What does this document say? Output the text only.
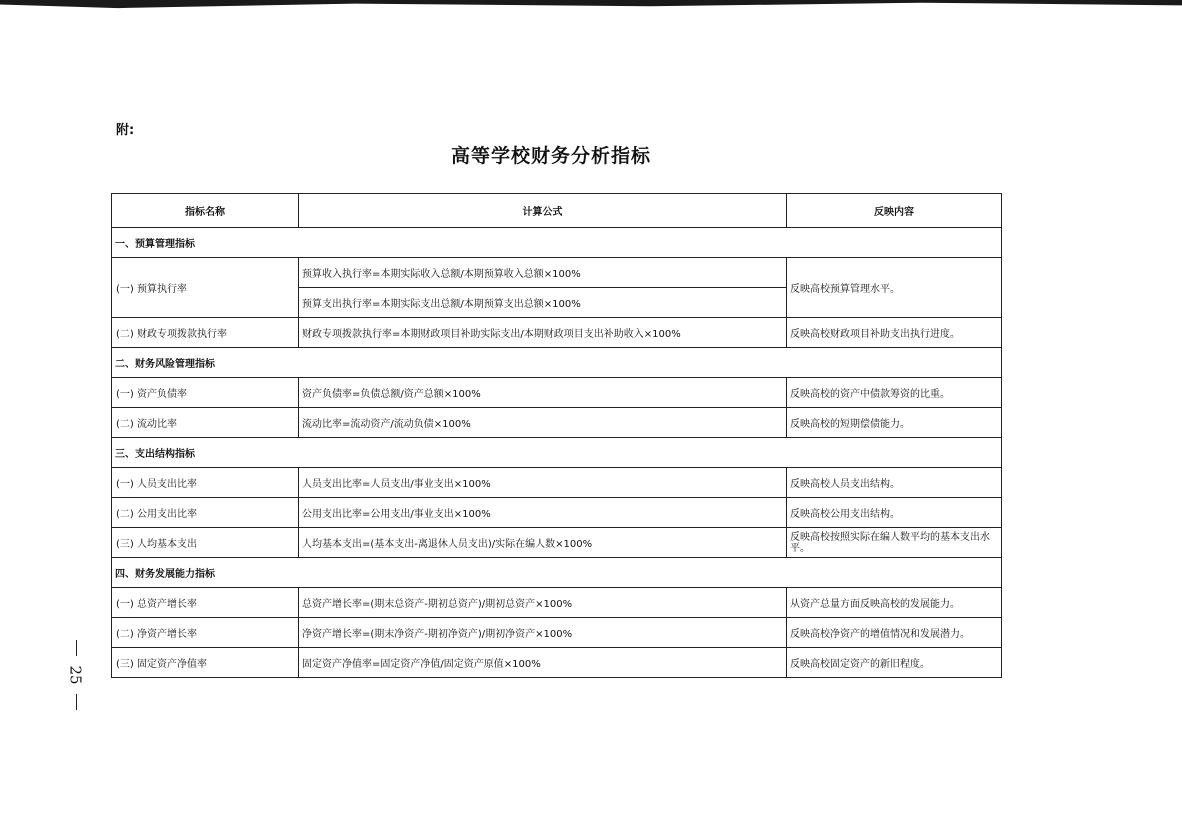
附:
高等学校财务分析指标
指标名称	计算公式	反映内容
一、预算管理指标		
(一) 预算执行率	预算收入执行率=本期实际收入总额/本期预算收入总额×100%	反映高校预算管理水平。
	预算支出执行率=本期实际支出总额/本期预算支出总额×100%	
(二) 财政专项拨款执行率	财政专项拨款执行率=本期财政项目补助实际支出/本期财政项目支出补助收入×100%	反映高校财政项目补助支出执行进度。
二、财务风险管理指标		
(一) 资产负债率	资产负债率=负债总额/资产总额×100%	反映高校的资产中债款筹资的比重。
(二) 流动比率	流动比率=流动资产/流动负债×100%	反映高校的短期偿债能力。
三、支出结构指标		
(一) 人员支出比率	人员支出比率=人员支出/事业支出×100%	反映高校人员支出结构。
(二) 公用支出比率	公用支出比率=公用支出/事业支出×100%	反映高校公用支出结构。
(三) 人均基本支出	人均基本支出=(基本支出-离退休人员支出)/实际在编人数×100%	反映高校按照实际在编人数平均的基本支出水平。
四、财务发展能力指标		
(一) 总资产增长率	总资产增长率=(期末总资产-期初总资产)/期初总资产×100%	从资产总量方面反映高校的发展能力。
(二) 净资产增长率	净资产增长率=(期末净资产-期初净资产)/期初净资产×100%	反映高校净资产的增值情况和发展潜力。
(三) 固定资产净值率	固定资产净值率=固定资产净值/固定资产原值×100%	反映高校固定资产的新旧程度。
25
